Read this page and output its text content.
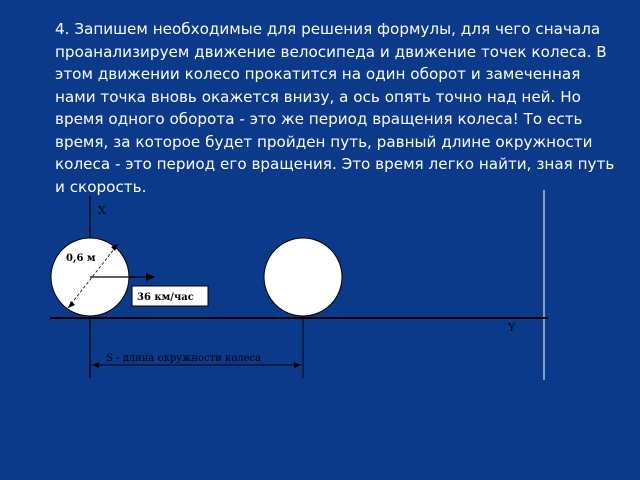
4. Запишем необходимые для решения формулы, для чего сначала проанализируем движение велосипеда и движение точек колеса. В этом движении колесо прокатится на один оборот и замеченная нами точка вновь окажется внизу, а ось опять точно над ней. Но время одного оборота - это же период вращения колеса! То есть время, за которое будет пройден путь, равный длине окружности колеса - это период его вращения. Это время легко найти, зная путь и скорость.

X
0,6 м
36 км/час
Y
S - длина окружности колеса
